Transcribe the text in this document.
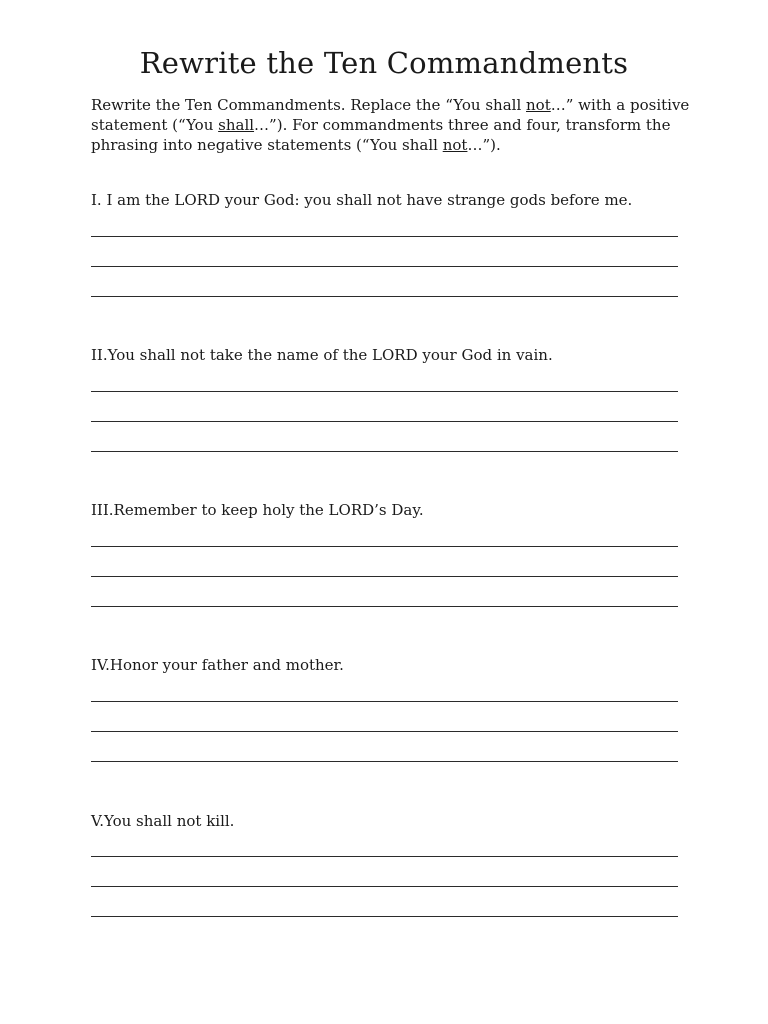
Rewrite the Ten Commandments
Rewrite the Ten Commandments. Replace the “You shall not…” with a positive statement (“You shall…”). For commandments three and four, transform the phrasing into negative statements (“You shall not…”).
I. I am the LORD your God: you shall not have strange gods before me.
II.You shall not take the name of the LORD your God in vain.
III.Remember to keep holy the LORD’s Day.
IV.Honor your father and mother.
V.You shall not kill.
